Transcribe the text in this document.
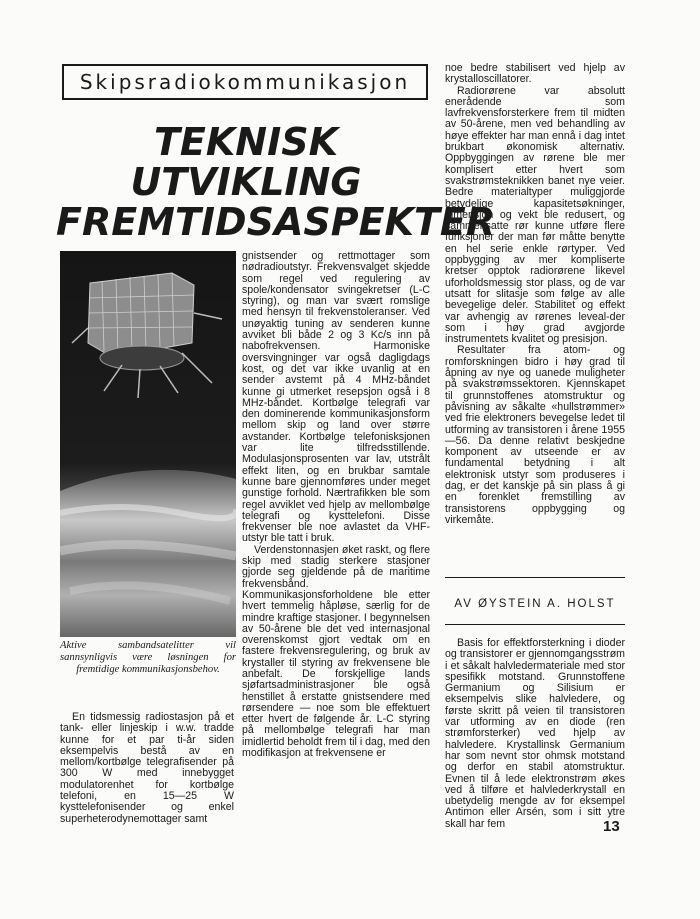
Skipsradiokommunikasjon
TEKNISK
UTVIKLING
FREMTIDSASPEKTER
Aktive sambandsatelitter vil sannsynligvis være løsningen for fremtidige kommunikasjonsbehov.

En tidsmessig radiostasjon på et tank- eller linjeskip i w.w. tradde kunne for et par ti-år siden eksempelvis bestå av en mellom/kortbølge telegrafisender på 300 W med innebygget modulatorenhet for kortbølge telefoni, en 15—25 W kysttelefonisender og enkel superheterodynemottager samt

gnistsender og rettmottager som nødradioutstyr. Frekvensvalget skjedde som regel ved regulering av spole/kondensator svingekretser (L-C styring), og man var svært romslige med hensyn til frekvenstoleranser. Ved unøyaktig tuning av senderen kunne avviket bli både 2 og 3 Kc/s inn på nabofrekvensen. Harmoniske oversvingninger var også dagligdags kost, og det var ikke uvanlig at en sender avstemt på 4 MHz-båndet kunne gi utmerket resepsjon også i 8 MHz-båndet. Kortbølge telegrafi var den dominerende kommunikasjonsform mellom skip og land over større avstander. Kortbølge telefonisksjonen var lite tilfredsstillende. Modulasjonsprosenten var lav, utstrålt effekt liten, og en brukbar samtale kunne bare gjennomføres under meget gunstige forhold. Nærtrafikken ble som regel avviklet ved hjelp av mellombølge telegrafi og kysttelefoni. Disse frekvenser ble noe avlastet da VHF-utstyr ble tatt i bruk.

Verdenstonnasjen øket raskt, og flere skip med stadig sterkere stasjoner gjorde seg gjeldende på de maritime frekvensbånd. Kommunikasjonsforholdene ble etter hvert temmelig håpløse, særlig for de mindre kraftige stasjoner. I begynnelsen av 50-årene ble det ved internasjonal overenskomst gjort vedtak om en fastere frekvensregulering, og bruk av krystaller til styring av frekvensene ble anbefalt. De forskjellige lands sjøfartsadministrasjoner ble også henstillet å erstatte gnistsendere med rørsendere — noe som ble effektuert etter hvert de følgende år. L-C styring på mellombølge telegrafi har man imidlertid beholdt frem til i dag, med den modifikasjon at frekvensene er

noe bedre stabilisert ved hjelp av krystalloscillatorer.

Radiorørene var absolutt enerådende som lavfrekvensforsterkere frem til midten av 50-årene, men ved behandling av høye effekter har man ennå i dag intet brukbart økonomisk alternativ. Oppbyggingen av rørene ble mer komplisert etter hvert som svakstrømsteknikken banet nye veier. Bedre materialtyper muliggjorde betydelige kapasitetsøkninger, dimensjon og vekt ble redusert, og sammensatte rør kunne utføre flere funksjoner der man før måtte benytte en hel serie enkle rørtyper. Ved oppbygging av mer kompliserte kretser opptok radiorørene likevel uforholdsmessig stor plass, og de var utsatt for slitasje som følge av alle bevegelige deler. Stabilitet og effekt var avhengig av rørenes leveal-der som i høy grad avgjorde instrumentets kvalitet og presisjon.

Resultater fra atom- og romforskningen bidro i høy grad til åpning av nye og uanede muligheter på svakstrømssektoren. Kjennskapet til grunnstoffenes atomstruktur og påvisning av såkalte «hullstrømmer» ved frie elektroners bevegelse ledet til utforming av transistoren i årene 1955—56. Da denne relativt beskjedne komponent av utseende er av fundamental betydning i alt elektronisk utstyr som produseres i dag, er det kanskje på sin plass å gi en forenklet fremstilling av transistorens oppbygging og virkemåte.

AV ØYSTEIN A. HOLST

Basis for effektforsterkning i dioder og transistorer er gjennomgangsstrøm i et såkalt halvledermateriale med stor spesifikk motstand. Grunnstoffene Germanium og Silisium er eksempelvis slike halvledere, og første skritt på veien til transistoren var utforming av en diode (ren strømforsterker) ved hjelp av halvledere. Krystallinsk Germanium har som nevnt stor ohmsk motstand og derfor en stabil atomstruktur. Evnen til å lede elektronstrøm økes ved å tilføre et halvlederkrystall en ubetydelig mengde av for eksempel Antimon eller Arsén, som i sitt ytre skall har fem	13
